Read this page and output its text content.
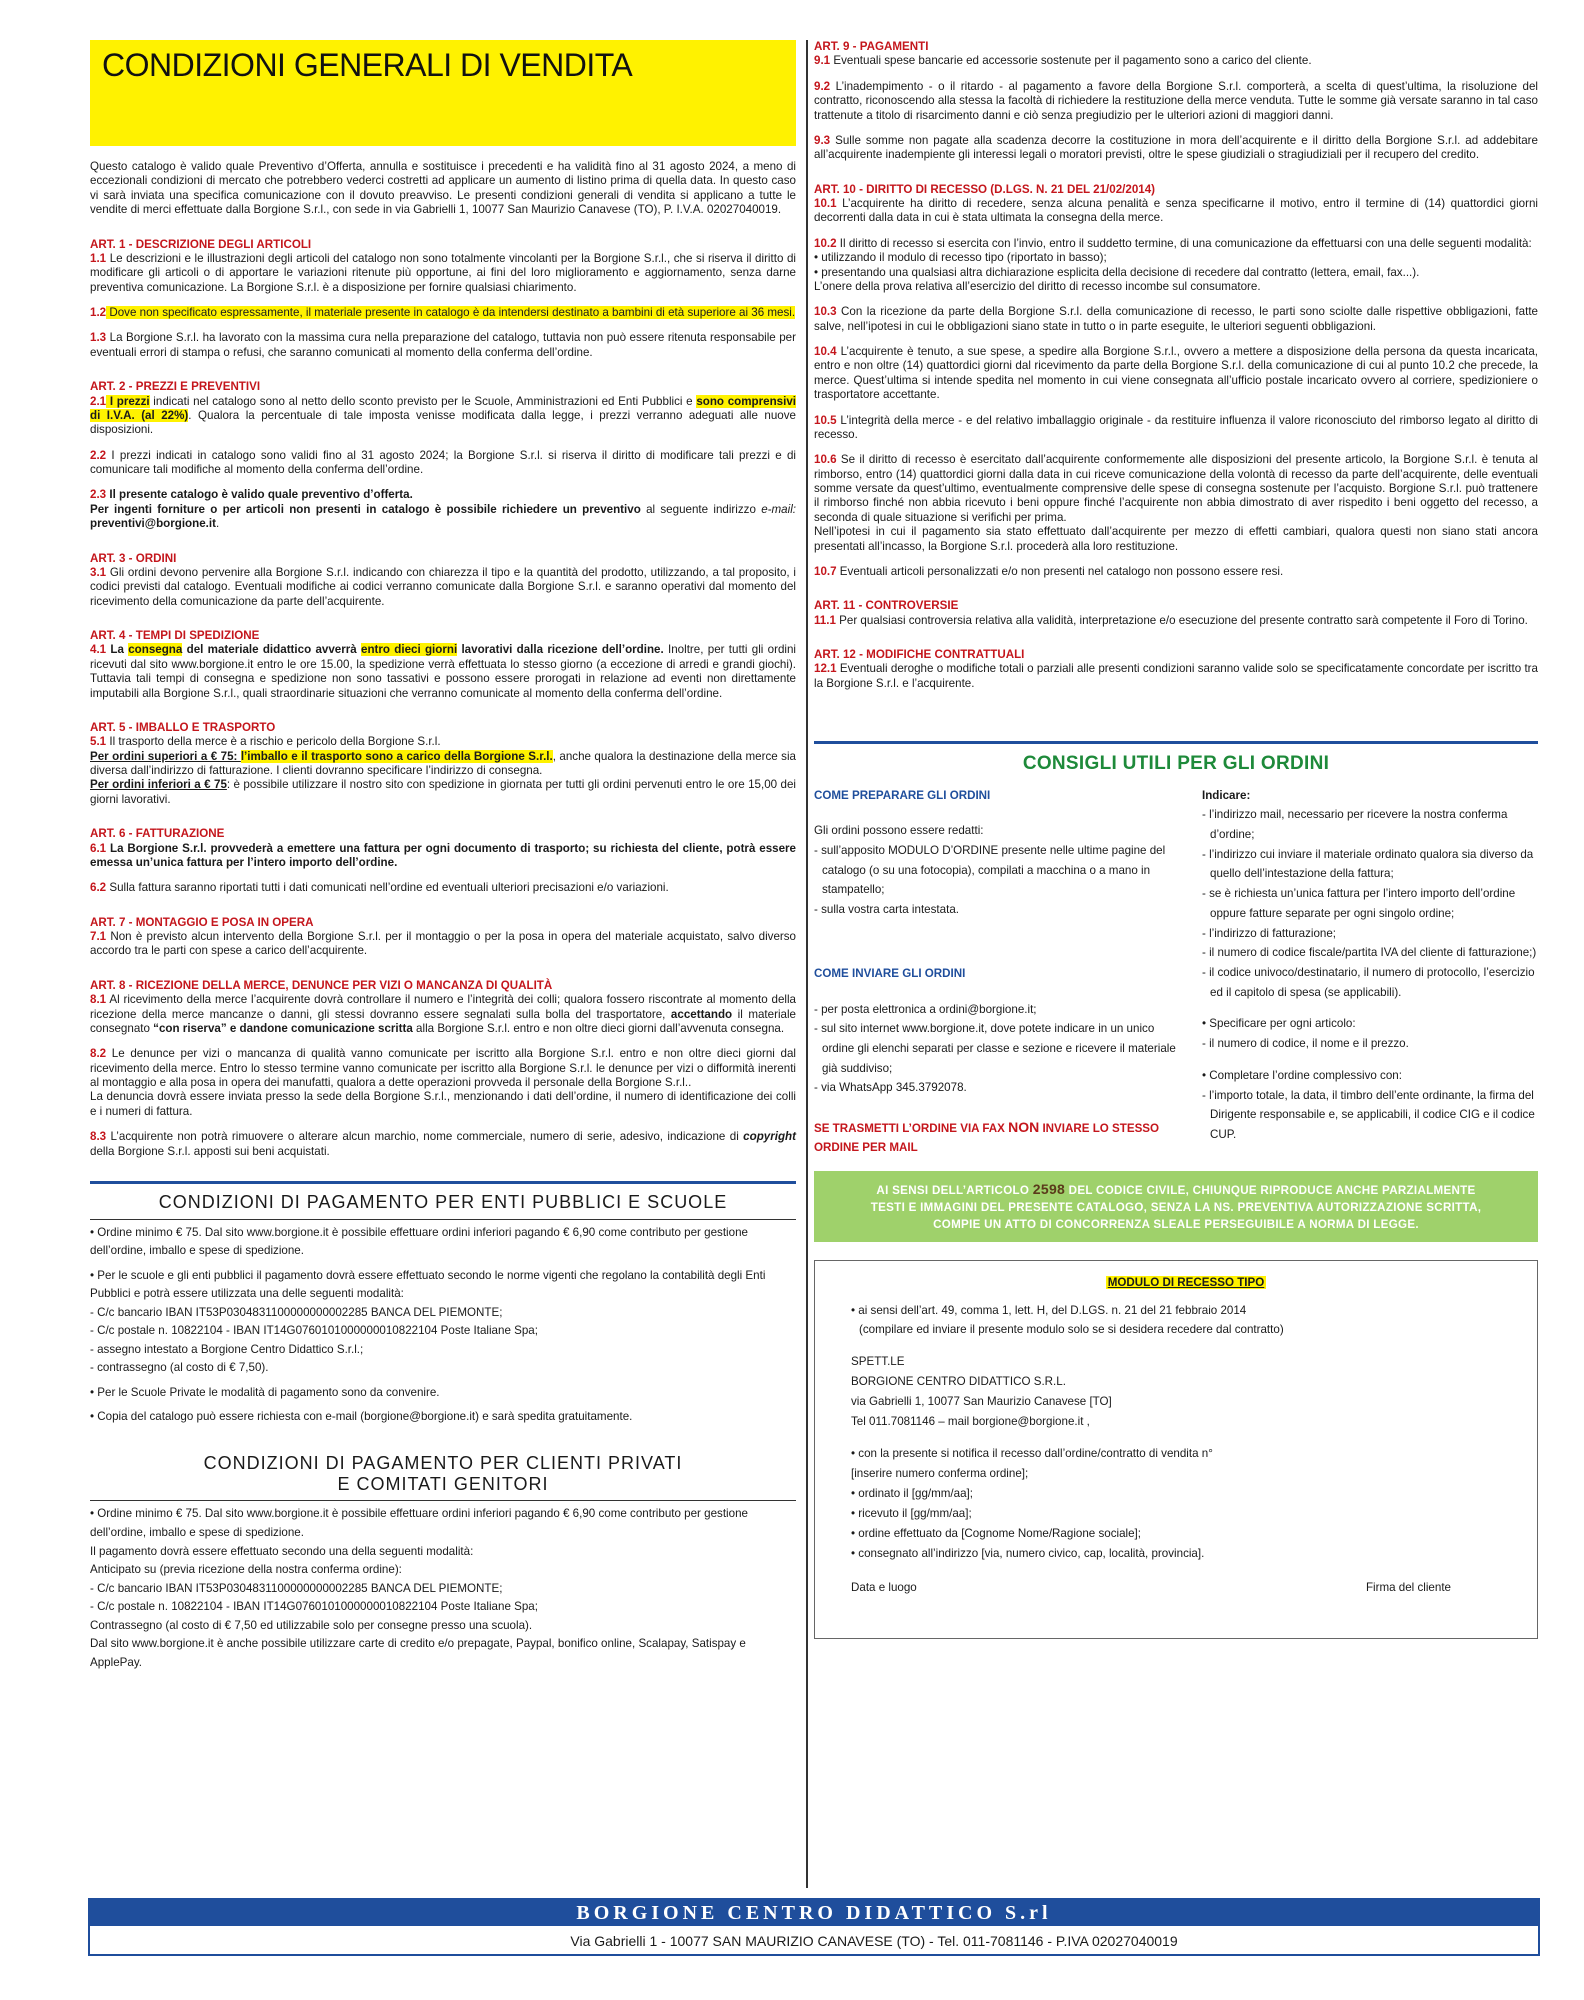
CONDIZIONI GENERALI DI VENDITA

Questo catalogo è valido quale Preventivo d’Offerta, annulla e sostituisce i precedenti e ha validità fino al 31 agosto 2024, a meno di eccezionali condizioni di mercato che potrebbero vederci costretti ad applicare un aumento di listino prima di quella data. In questo caso vi sarà inviata una specifica comunicazione con il dovuto preavviso. Le presenti condizioni generali di vendita si applicano a tutte le vendite di merci effettuate dalla Borgione S.r.l., con sede in via Gabrielli 1, 10077 San Maurizio Canavese (TO), P. I.V.A. 02027040019.

ART. 1 - DESCRIZIONE DEGLI ARTICOLI

1.1 Le descrizioni e le illustrazioni degli articoli del catalogo non sono totalmente vincolanti per la Borgione S.r.l., che si riserva il diritto di modificare gli articoli o di apportare le variazioni ritenute più opportune, ai fini del loro miglioramento e aggiornamento, senza darne preventiva comunicazione. La Borgione S.r.l. è a disposizione per fornire qualsiasi chiarimento.

1.2 Dove non specificato espressamente, il materiale presente in catalogo è da intendersi destinato a bambini di età superiore ai 36 mesi.

1.3 La Borgione S.r.l. ha lavorato con la massima cura nella preparazione del catalogo, tuttavia non può essere ritenuta responsabile per eventuali errori di stampa o refusi, che saranno comunicati al momento della conferma dell’ordine.

ART. 2 - PREZZI E PREVENTIVI

2.1 I prezzi indicati nel catalogo sono al netto dello sconto previsto per le Scuole, Amministrazioni ed Enti Pubblici e sono comprensivi di I.V.A. (al 22%). Qualora la percentuale di tale imposta venisse modificata dalla legge, i prezzi verranno adeguati alle nuove disposizioni.

2.2 I prezzi indicati in catalogo sono validi fino al 31 agosto 2024; la Borgione S.r.l. si riserva il diritto di modificare tali prezzi e di comunicare tali modifiche al momento della conferma dell’ordine.

2.3 Il presente catalogo è valido quale preventivo d’offerta.
Per ingenti forniture o per articoli non presenti in catalogo è possibile richiedere un preventivo al seguente indirizzo e-mail: preventivi@borgione.it.

ART. 3 - ORDINI

3.1 Gli ordini devono pervenire alla Borgione S.r.l. indicando con chiarezza il tipo e la quantità del prodotto, utilizzando, a tal proposito, i codici previsti dal catalogo. Eventuali modifiche ai codici verranno comunicate dalla Borgione S.r.l. e saranno operativi dal momento del ricevimento della comunicazione da parte dell’acquirente.

ART. 4 - TEMPI DI SPEDIZIONE

4.1 La consegna del materiale didattico avverrà entro dieci giorni lavorativi dalla ricezione dell’ordine. Inoltre, per tutti gli ordini ricevuti dal sito www.borgione.it entro le ore 15.00, la spedizione verrà effettuata lo stesso giorno (a eccezione di arredi e grandi giochi). Tuttavia tali tempi di consegna e spedizione non sono tassativi e possono essere prorogati in relazione ad eventi non direttamente imputabili alla Borgione S.r.l., quali straordinarie situazioni che verranno comunicate al momento della conferma dell’ordine.

ART. 5 - IMBALLO E TRASPORTO

5.1 Il trasporto della merce è a rischio e pericolo della Borgione S.r.l.

Per ordini superiori a € 75: l’imballo e il trasporto sono a carico della Borgione S.r.l., anche qualora la destinazione della merce sia diversa dall’indirizzo di fatturazione. I clienti dovranno specificare l’indirizzo di consegna.

Per ordini inferiori a € 75: è possibile utilizzare il nostro sito con spedizione in giornata per tutti gli ordini pervenuti entro le ore 15,00 dei giorni lavorativi.

ART. 6 - FATTURAZIONE

6.1 La Borgione S.r.l. provvederà a emettere una fattura per ogni documento di trasporto; su richiesta del cliente, potrà essere emessa un’unica fattura per l’intero importo dell’ordine.

6.2 Sulla fattura saranno riportati tutti i dati comunicati nell’ordine ed eventuali ulteriori precisazioni e/o variazioni.

ART. 7 - MONTAGGIO E POSA IN OPERA

7.1 Non è previsto alcun intervento della Borgione S.r.l. per il montaggio o per la posa in opera del materiale acquistato, salvo diverso accordo tra le parti con spese a carico dell’acquirente.

ART. 8 - RICEZIONE DELLA MERCE, DENUNCE PER VIZI O MANCANZA DI QUALITÀ

8.1 Al ricevimento della merce l’acquirente dovrà controllare il numero e l’integrità dei colli; qualora fossero riscontrate al momento della ricezione della merce mancanze o danni, gli stessi dovranno essere segnalati sulla bolla del trasportatore, accettando il materiale consegnato “con riserva” e dandone comunicazione scritta alla Borgione S.r.l. entro e non oltre dieci giorni dall’avvenuta consegna.

8.2 Le denunce per vizi o mancanza di qualità vanno comunicate per iscritto alla Borgione S.r.l. entro e non oltre dieci giorni dal ricevimento della merce. Entro lo stesso termine vanno comunicate per iscritto alla Borgione S.r.l. le denunce per vizi o difformità inerenti al montaggio e alla posa in opera dei manufatti, qualora a dette operazioni provveda il personale della Borgione S.r.l..

La denuncia dovrà essere inviata presso la sede della Borgione S.r.l., menzionando i dati dell’ordine, il numero di identificazione dei colli e i numeri di fattura.

8.3 L’acquirente non potrà rimuovere o alterare alcun marchio, nome commerciale, numero di serie, adesivo, indicazione di copyright della Borgione S.r.l. apposti sui beni acquistati.

CONDIZIONI DI PAGAMENTO PER ENTI PUBBLICI E SCUOLE
• Ordine minimo € 75. Dal sito www.borgione.it è possibile effettuare ordini inferiori pagando € 6,90 come contributo per gestione dell’ordine, imballo e spese di spedizione.
• Per le scuole e gli enti pubblici il pagamento dovrà essere effettuato secondo le norme vigenti che regolano la contabilità degli Enti Pubblici e potrà essere utilizzata una delle seguenti modalità:
- C/c bancario IBAN IT53P0304831100000000002285 BANCA DEL PIEMONTE;
- C/c postale n. 10822104 - IBAN IT14G0760101000000010822104 Poste Italiane Spa;
- assegno intestato a Borgione Centro Didattico S.r.l.;
- contrassegno (al costo di € 7,50).
• Per le Scuole Private le modalità di pagamento sono da convenire.
• Copia del catalogo può essere richiesta con e-mail (borgione@borgione.it) e sarà spedita gratuitamente.
CONDIZIONI DI PAGAMENTO PER CLIENTI PRIVATI
E COMITATI GENITORI
• Ordine minimo € 75. Dal sito www.borgione.it è possibile effettuare ordini inferiori pagando € 6,90 come contributo per gestione dell’ordine, imballo e spese di spedizione.
Il pagamento dovrà essere effettuato secondo una della seguenti modalità:
Anticipato su (previa ricezione della nostra conferma ordine):
- C/c bancario IBAN IT53P0304831100000000002285 BANCA DEL PIEMONTE;
- C/c postale n. 10822104 - IBAN IT14G0760101000000010822104 Poste Italiane Spa;
Contrassegno (al costo di € 7,50 ed utilizzabile solo per consegne presso una scuola).
Dal sito www.borgione.it è anche possibile utilizzare carte di credito e/o prepagate, Paypal, bonifico online, Scalapay, Satispay e ApplePay.
ART. 9 - PAGAMENTI

9.1 Eventuali spese bancarie ed accessorie sostenute per il pagamento sono a carico del cliente.

9.2 L’inadempimento - o il ritardo - al pagamento a favore della Borgione S.r.l. comporterà, a scelta di quest’ultima, la risoluzione del contratto, riconoscendo alla stessa la facoltà di richiedere la restituzione della merce venduta. Tutte le somme già versate saranno in tal caso trattenute a titolo di risarcimento danni e ciò senza pregiudizio per le ulteriori azioni di maggiori danni.

9.3 Sulle somme non pagate alla scadenza decorre la costituzione in mora dell’acquirente e il diritto della Borgione S.r.l. ad addebitare all’acquirente inadempiente gli interessi legali o moratori previsti, oltre le spese giudiziali o stragiudiziali per il recupero del credito.

ART. 10 - DIRITTO DI RECESSO (D.LGS. N. 21 DEL 21/02/2014)

10.1 L’acquirente ha diritto di recedere, senza alcuna penalità e senza specificarne il motivo, entro il termine di (14) quattordici giorni decorrenti dalla data in cui è stata ultimata la consegna della merce.

10.2 Il diritto di recesso si esercita con l’invio, entro il suddetto termine, di una comunicazione da effettuarsi con una delle seguenti modalità:
• utilizzando il modulo di recesso tipo (riportato in basso);
• presentando una qualsiasi altra dichiarazione esplicita della decisione di recedere dal contratto (lettera, email, fax...).
L’onere della prova relativa all’esercizio del diritto di recesso incombe sul consumatore.

10.3 Con la ricezione da parte della Borgione S.r.l. della comunicazione di recesso, le parti sono sciolte dalle rispettive obbligazioni, fatte salve, nell’ipotesi in cui le obbligazioni siano state in tutto o in parte eseguite, le ulteriori seguenti obbligazioni.

10.4 L’acquirente è tenuto, a sue spese, a spedire alla Borgione S.r.l., ovvero a mettere a disposizione della persona da questa incaricata, entro e non oltre (14) quattordici giorni dal ricevimento da parte della Borgione S.r.l. della comunicazione di cui al punto 10.2 che precede, la merce. Quest’ultima si intende spedita nel momento in cui viene consegnata all’ufficio postale incaricato ovvero al corriere, spedizioniere o trasportatore accettante.

10.5 L’integrità della merce - e del relativo imballaggio originale - da restituire influenza il valore riconosciuto del rimborso legato al diritto di recesso.

10.6 Se il diritto di recesso è esercitato dall’acquirente conformemente alle disposizioni del presente articolo, la Borgione S.r.l. è tenuta al rimborso, entro (14) quattordici giorni dalla data in cui riceve comunicazione della volontà di recesso da parte dell’acquirente, delle eventuali somme versate da quest’ultimo, eventualmente comprensive delle spese di consegna sostenute per l’acquisto. Borgione S.r.l. può trattenere il rimborso finché non abbia ricevuto i beni oppure finché l’acquirente non abbia dimostrato di aver rispedito i beni oggetto del recesso, a seconda di quale situazione si verifichi per prima.
Nell’ipotesi in cui il pagamento sia stato effettuato dall’acquirente per mezzo di effetti cambiari, qualora questi non siano stati ancora presentati all’incasso, la Borgione S.r.l. procederà alla loro restituzione.

10.7 Eventuali articoli personalizzati e/o non presenti nel catalogo non possono essere resi.

ART. 11 - CONTROVERSIE

11.1 Per qualsiasi controversia relativa alla validità, interpretazione e/o esecuzione del presente contratto sarà competente il Foro di Torino.

ART. 12 - MODIFICHE CONTRATTUALI

12.1 Eventuali deroghe o modifiche totali o parziali alle presenti condizioni saranno valide solo se specificatamente concordate per iscritto tra la Borgione S.r.l. e l’acquirente.

CONSIGLI UTILI PER GLI ORDINI
COME PREPARARE GLI ORDINI
Gli ordini possono essere redatti:
- sull’apposito MODULO D’ORDINE presente nelle ultime pagine del catalogo (o su una fotocopia), compilati a macchina o a mano in stampatello;
- sulla vostra carta intestata.
COME INVIARE GLI ORDINI
- per posta elettronica a ordini@borgione.it;
- sul sito internet www.borgione.it, dove potete indicare in un unico ordine gli elenchi separati per classe e sezione e ricevere il materiale già suddiviso;
- via WhatsApp 345.3792078.
SE TRASMETTI L’ORDINE VIA FAX NON INVIARE LO STESSO ORDINE PER MAIL
Indicare:
- l’indirizzo mail, necessario per ricevere la nostra conferma d’ordine;
- l’indirizzo cui inviare il materiale ordinato qualora sia diverso da quello dell’intestazione della fattura;
- se è richiesta un’unica fattura per l’intero importo dell’ordine oppure fatture separate per ogni singolo ordine;
- l’indirizzo di fatturazione;
- il numero di codice fiscale/partita IVA del cliente di fatturazione;)
- il codice univoco/destinatario, il numero di protocollo, l’esercizio ed il capitolo di spesa (se applicabili).
• Specificare per ogni articolo:
- il numero di codice, il nome e il prezzo.
• Completare l’ordine complessivo con:
- l’importo totale, la data, il timbro dell’ente ordinante, la firma del Dirigente responsabile e, se applicabili, il codice CIG e il codice CUP.
AI SENSI DELL’ARTICOLO 2598 DEL CODICE CIVILE, CHIUNQUE RIPRODUCE ANCHE PARZIALMENTE
TESTI E IMMAGINI DEL PRESENTE CATALOGO, SENZA LA NS. PREVENTIVA AUTORIZZAZIONE SCRITTA,
COMPIE UN ATTO DI CONCORRENZA SLEALE PERSEGUIBILE A NORMA DI LEGGE.
MODULO DI RECESSO TIPO
• ai sensi dell’art. 49, comma 1, lett. H, del D.LGS. n. 21 del 21 febbraio 2014
(compilare ed inviare il presente modulo solo se si desidera recedere dal contratto)
SPETT.LE
BORGIONE CENTRO DIDATTICO S.R.L.
via Gabrielli 1, 10077 San Maurizio Canavese [TO]
Tel 011.7081146 – mail borgione@borgione.it ,
• con la presente si notifica il recesso dall’ordine/contratto di vendita n°
[inserire numero conferma ordine];
• ordinato il [gg/mm/aa];
• ricevuto il [gg/mm/aa];
• ordine effettuato da [Cognome Nome/Ragione sociale];
• consegnato all’indirizzo [via, numero civico, cap, località, provincia].
Data e luogo	Firma del cliente
BORGIONE CENTRO DIDATTICO S.rl
Via Gabrielli 1 - 10077 SAN MAURIZIO CANAVESE (TO) - Tel. 011-7081146 - P.IVA 02027040019
